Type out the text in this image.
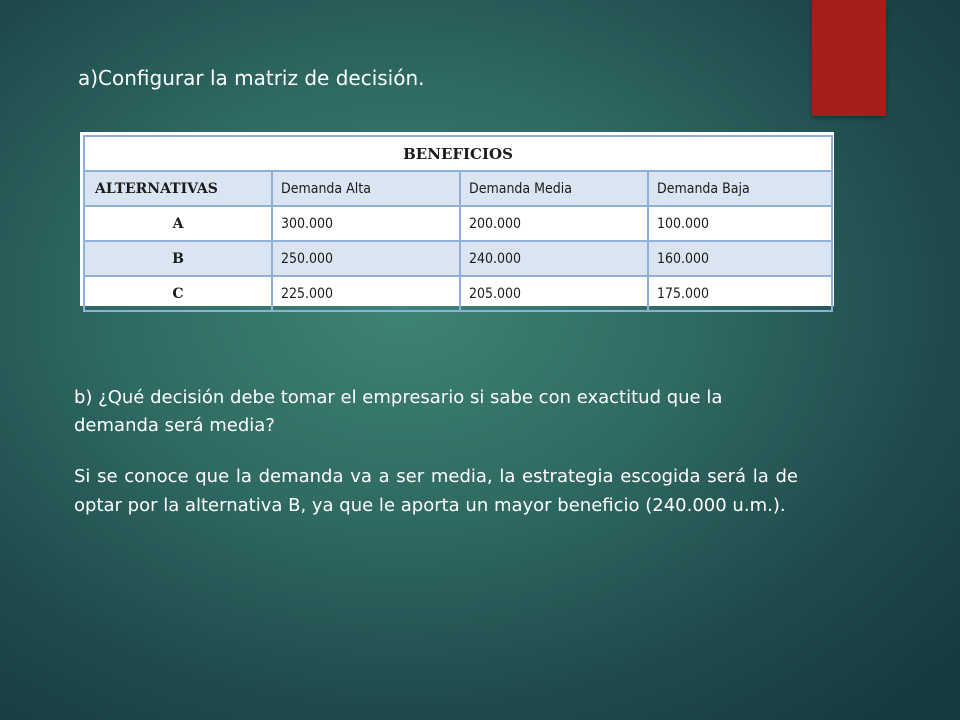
a)Configurar la matriz de decisión.
BENEFICIOS			
ALTERNATIVAS	Demanda Alta	Demanda Media	Demanda Baja
A	300.000	200.000	100.000
B	250.000	240.000	160.000
C	225.000	205.000	175.000
b) ¿Qué decisión debe tomar el empresario si sabe con exactitud que la demanda será media?
Si se conoce que la demanda va a ser media, la estrategia escogida será la de optar por la alternativa B, ya que le aporta un mayor beneficio (240.000 u.m.).
